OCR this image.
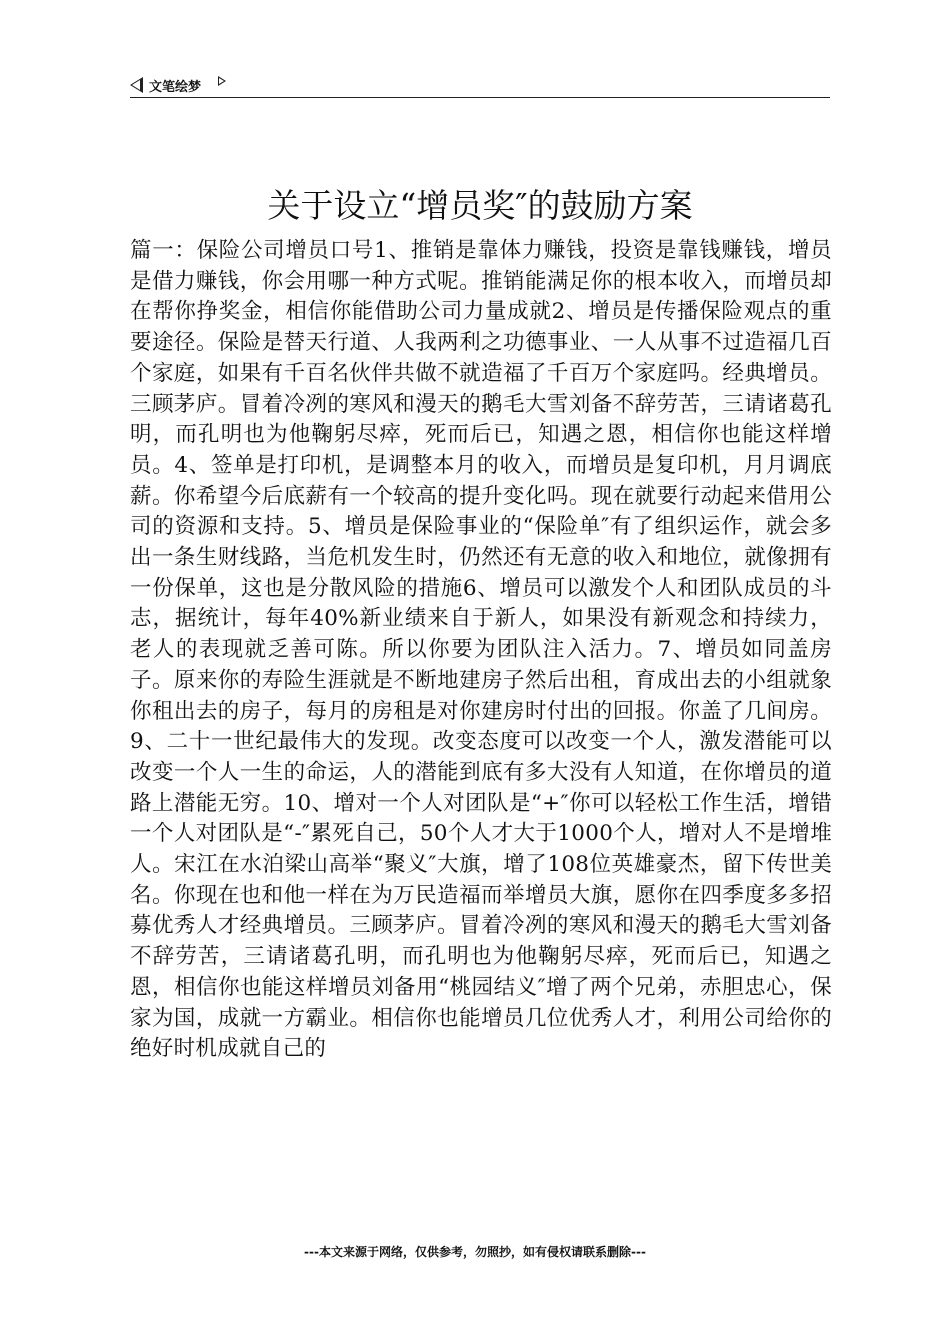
文笔绘梦
关于设立“增员奖″的鼓励方案
篇一：保险公司增员口号1、推销是靠体力赚钱，投资是靠钱赚钱，增员是借力赚钱，你会用哪一种方式呢。推销能满足你的根本收入，而增员却在帮你挣奖金，相信你能借助公司力量成就2、增员是传播保险观点的重要途径。保险是替天行道、人我两利之功德事业、一人从事不过造福几百个家庭，如果有千百名伙伴共做不就造福了千百万个家庭吗。经典增员。三顾茅庐。冒着冷冽的寒风和漫天的鹅毛大雪刘备不辞劳苦，三请诸葛孔明，而孔明也为他鞠躬尽瘁，死而后已，知遇之恩，相信你也能这样增员。4、签单是打印机，是调整本月的收入，而增员是复印机，月月调底薪。你希望今后底薪有一个较高的提升变化吗。现在就要行动起来借用公司的资源和支持。5、增员是保险事业的“保险单″有了组织运作，就会多出一条生财线路，当危机发生时，仍然还有无意的收入和地位，就像拥有一份保单，这也是分散风险的措施6、增员可以激发个人和团队成员的斗志，据统计，每年40%新业绩来自于新人，如果没有新观念和持续力，老人的表现就乏善可陈。所以你要为团队注入活力。7、增员如同盖房子。原来你的寿险生涯就是不断地建房子然后出租，育成出去的小组就象你租出去的房子，每月的房租是对你建房时付出的回报。你盖了几间房。9、二十一世纪最伟大的发现。改变态度可以改变一个人，激发潜能可以改变一个人一生的命运，人的潜能到底有多大没有人知道，在你增员的道路上潜能无穷。10、增对一个人对团队是“+″你可以轻松工作生活，增错一个人对团队是“-″累死自己，50个人才大于1000个人，增对人不是增堆人。宋江在水泊梁山高举“聚义″大旗，增了108位英雄豪杰，留下传世美名。你现在也和他一样在为万民造福而举增员大旗，愿你在四季度多多招募优秀人才经典增员。三顾茅庐。冒着冷冽的寒风和漫天的鹅毛大雪刘备不辞劳苦，三请诸葛孔明，而孔明也为他鞠躬尽瘁，死而后已，知遇之恩，相信你也能这样增员刘备用“桃园结义″增了两个兄弟，赤胆忠心，保家为国，成就一方霸业。相信你也能增员几位优秀人才，利用公司给你的绝好时机成就自己的
---本文来源于网络，仅供参考，勿照抄，如有侵权请联系删除---
